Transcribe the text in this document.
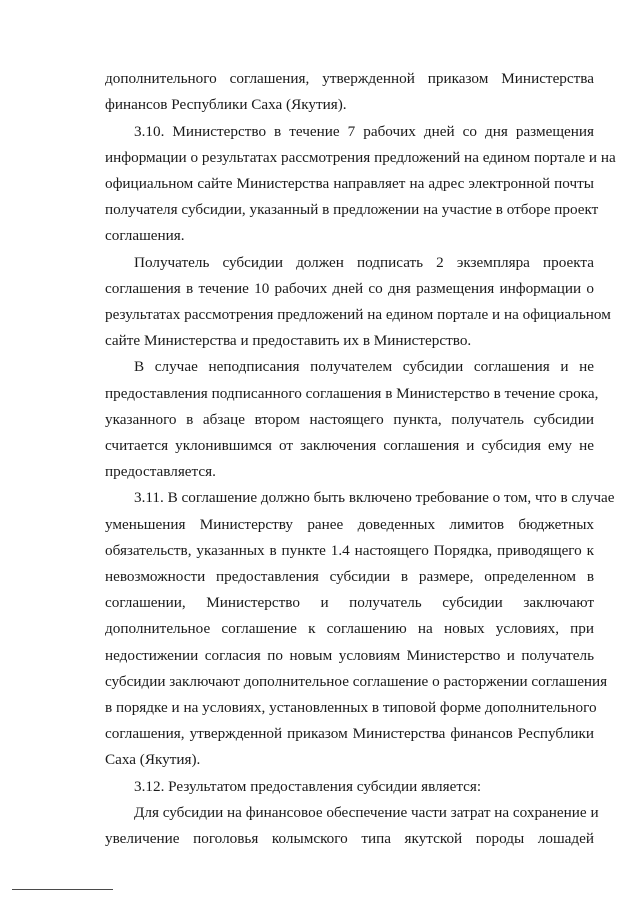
дополнительного соглашения, утвержденной приказом Министерства
финансов Республики Саха (Якутия).
3.10. Министерство в течение 7 рабочих дней со дня размещения
информации о результатах рассмотрения предложений на едином портале и на
официальном сайте Министерства направляет на адрес электронной почты
получателя субсидии, указанный в предложении на участие в отборе проект
соглашения.
Получатель субсидии должен подписать 2 экземпляра проекта
соглашения в течение 10 рабочих дней со дня размещения информации о
результатах рассмотрения предложений на едином портале и на официальном
сайте Министерства и предоставить их в Министерство.
В случае неподписания получателем субсидии соглашения и не
предоставления подписанного соглашения в Министерство в течение срока,
указанного в абзаце втором настоящего пункта, получатель субсидии
считается уклонившимся от заключения соглашения и субсидия ему не
предоставляется.
3.11. В соглашение должно быть включено требование о том, что в случае
уменьшения Министерству ранее доведенных лимитов бюджетных
обязательств, указанных в пункте 1.4 настоящего Порядка, приводящего к
невозможности предоставления субсидии в размере, определенном в
соглашении, Министерство и получатель субсидии заключают
дополнительное соглашение к соглашению на новых условиях, при
недостижении согласия по новым условиям Министерство и получатель
субсидии заключают дополнительное соглашение о расторжении соглашения
в порядке и на условиях, установленных в типовой форме дополнительного
соглашения, утвержденной приказом Министерства финансов Республики
Саха (Якутия).
3.12. Результатом предоставления субсидии является:
Для субсидии на финансовое обеспечение части затрат на сохранение и
увеличение поголовья колымского типа якутской породы лошадей
